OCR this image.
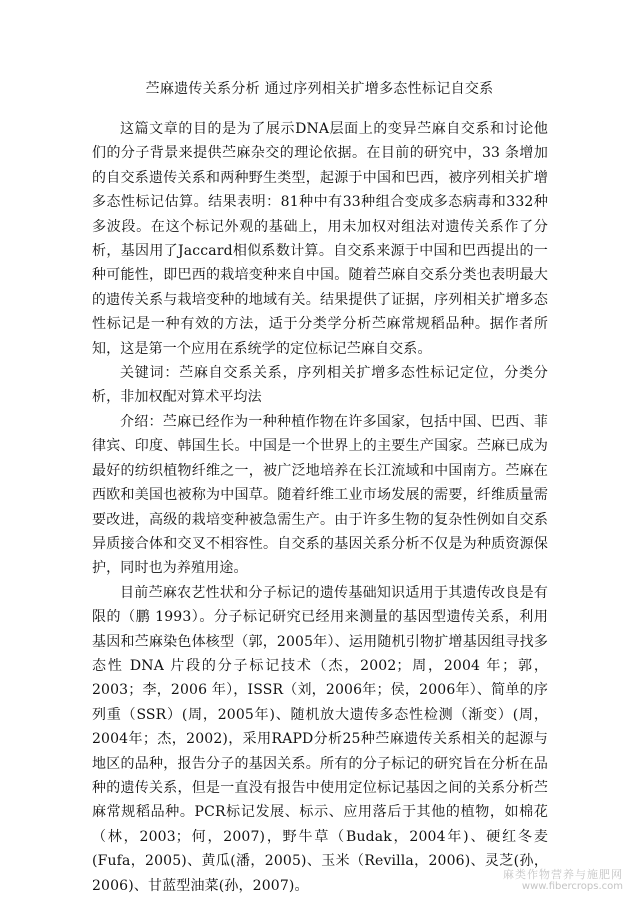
苎麻遗传关系分析 通过序列相关扩增多态性标记自交系

这篇文章的目的是为了展示DNA层面上的变异苎麻自交系和讨论他们的分子背景来提供苎麻杂交的理论依据。在目前的研究中，33 条增加的自交系遗传关系和两种野生类型，起源于中国和巴西，被序列相关扩增多态性标记估算。结果表明：81种中有33种组合变成多态病毒和332种多波段。在这个标记外观的基础上，用未加权对组法对遗传关系作了分析，基因用了Jaccard相似系数计算。自交系来源于中国和巴西提出的一种可能性，即巴西的栽培变种来自中国。随着苎麻自交系分类也表明最大的遗传关系与栽培变种的地域有关。结果提供了证据，序列相关扩增多态性标记是一种有效的方法，适于分类学分析苎麻常规稻品种。据作者所知，这是第一个应用在系统学的定位标记苎麻自交系。

关键词：苎麻自交系关系，序列相关扩增多态性标记定位，分类分析，非加权配对算术平均法

介绍：苎麻已经作为一种种植作物在许多国家，包括中国、巴西、菲律宾、印度、韩国生长。中国是一个世界上的主要生产国家。苎麻已成为最好的纺织植物纤维之一，被广泛地培养在长江流域和中国南方。苎麻在西欧和美国也被称为中国草。随着纤维工业市场发展的需要，纤维质量需要改进，高级的栽培变种被急需生产。由于许多生物的复杂性例如自交系异质接合体和交叉不相容性。自交系的基因关系分析不仅是为种质资源保护，同时也为养殖用途。

目前苎麻农艺性状和分子标记的遗传基础知识适用于其遗传改良是有限的（鹏 1993）。分子标记研究已经用来测量的基因型遗传关系，利用基因和苎麻染色体核型（郭，2005年）、运用随机引物扩增基因组寻找多态性 DNA 片段的分子标记技术（杰，2002；周，2004 年；郭，2003；李，2006 年），ISSR（刘，2006年；侯，2006年）、简单的序列重（SSR）(周，2005年)、随机放大遗传多态性检测（渐变）(周，2004年；杰，2002)，采用RAPD分析25种苎麻遗传关系相关的起源与地区的品种，报告分子的基因关系。所有的分子标记的研究旨在分析在品种的遗传关系，但是一直没有报告中使用定位标记基因之间的关系分析苎麻常规稻品种。PCR标记发展、标示、应用落后于其他的植物，如棉花（林，2003；何，2007)，野牛草（Budak，2004年)、硬红冬麦(Fufa，2005)、黄瓜(潘，2005)、玉米（Revilla，2006)、灵芝(孙，2006)、甘蓝型油菜(孙，2007)。

麻类作物营养与施肥网
www.fibercrops.com
